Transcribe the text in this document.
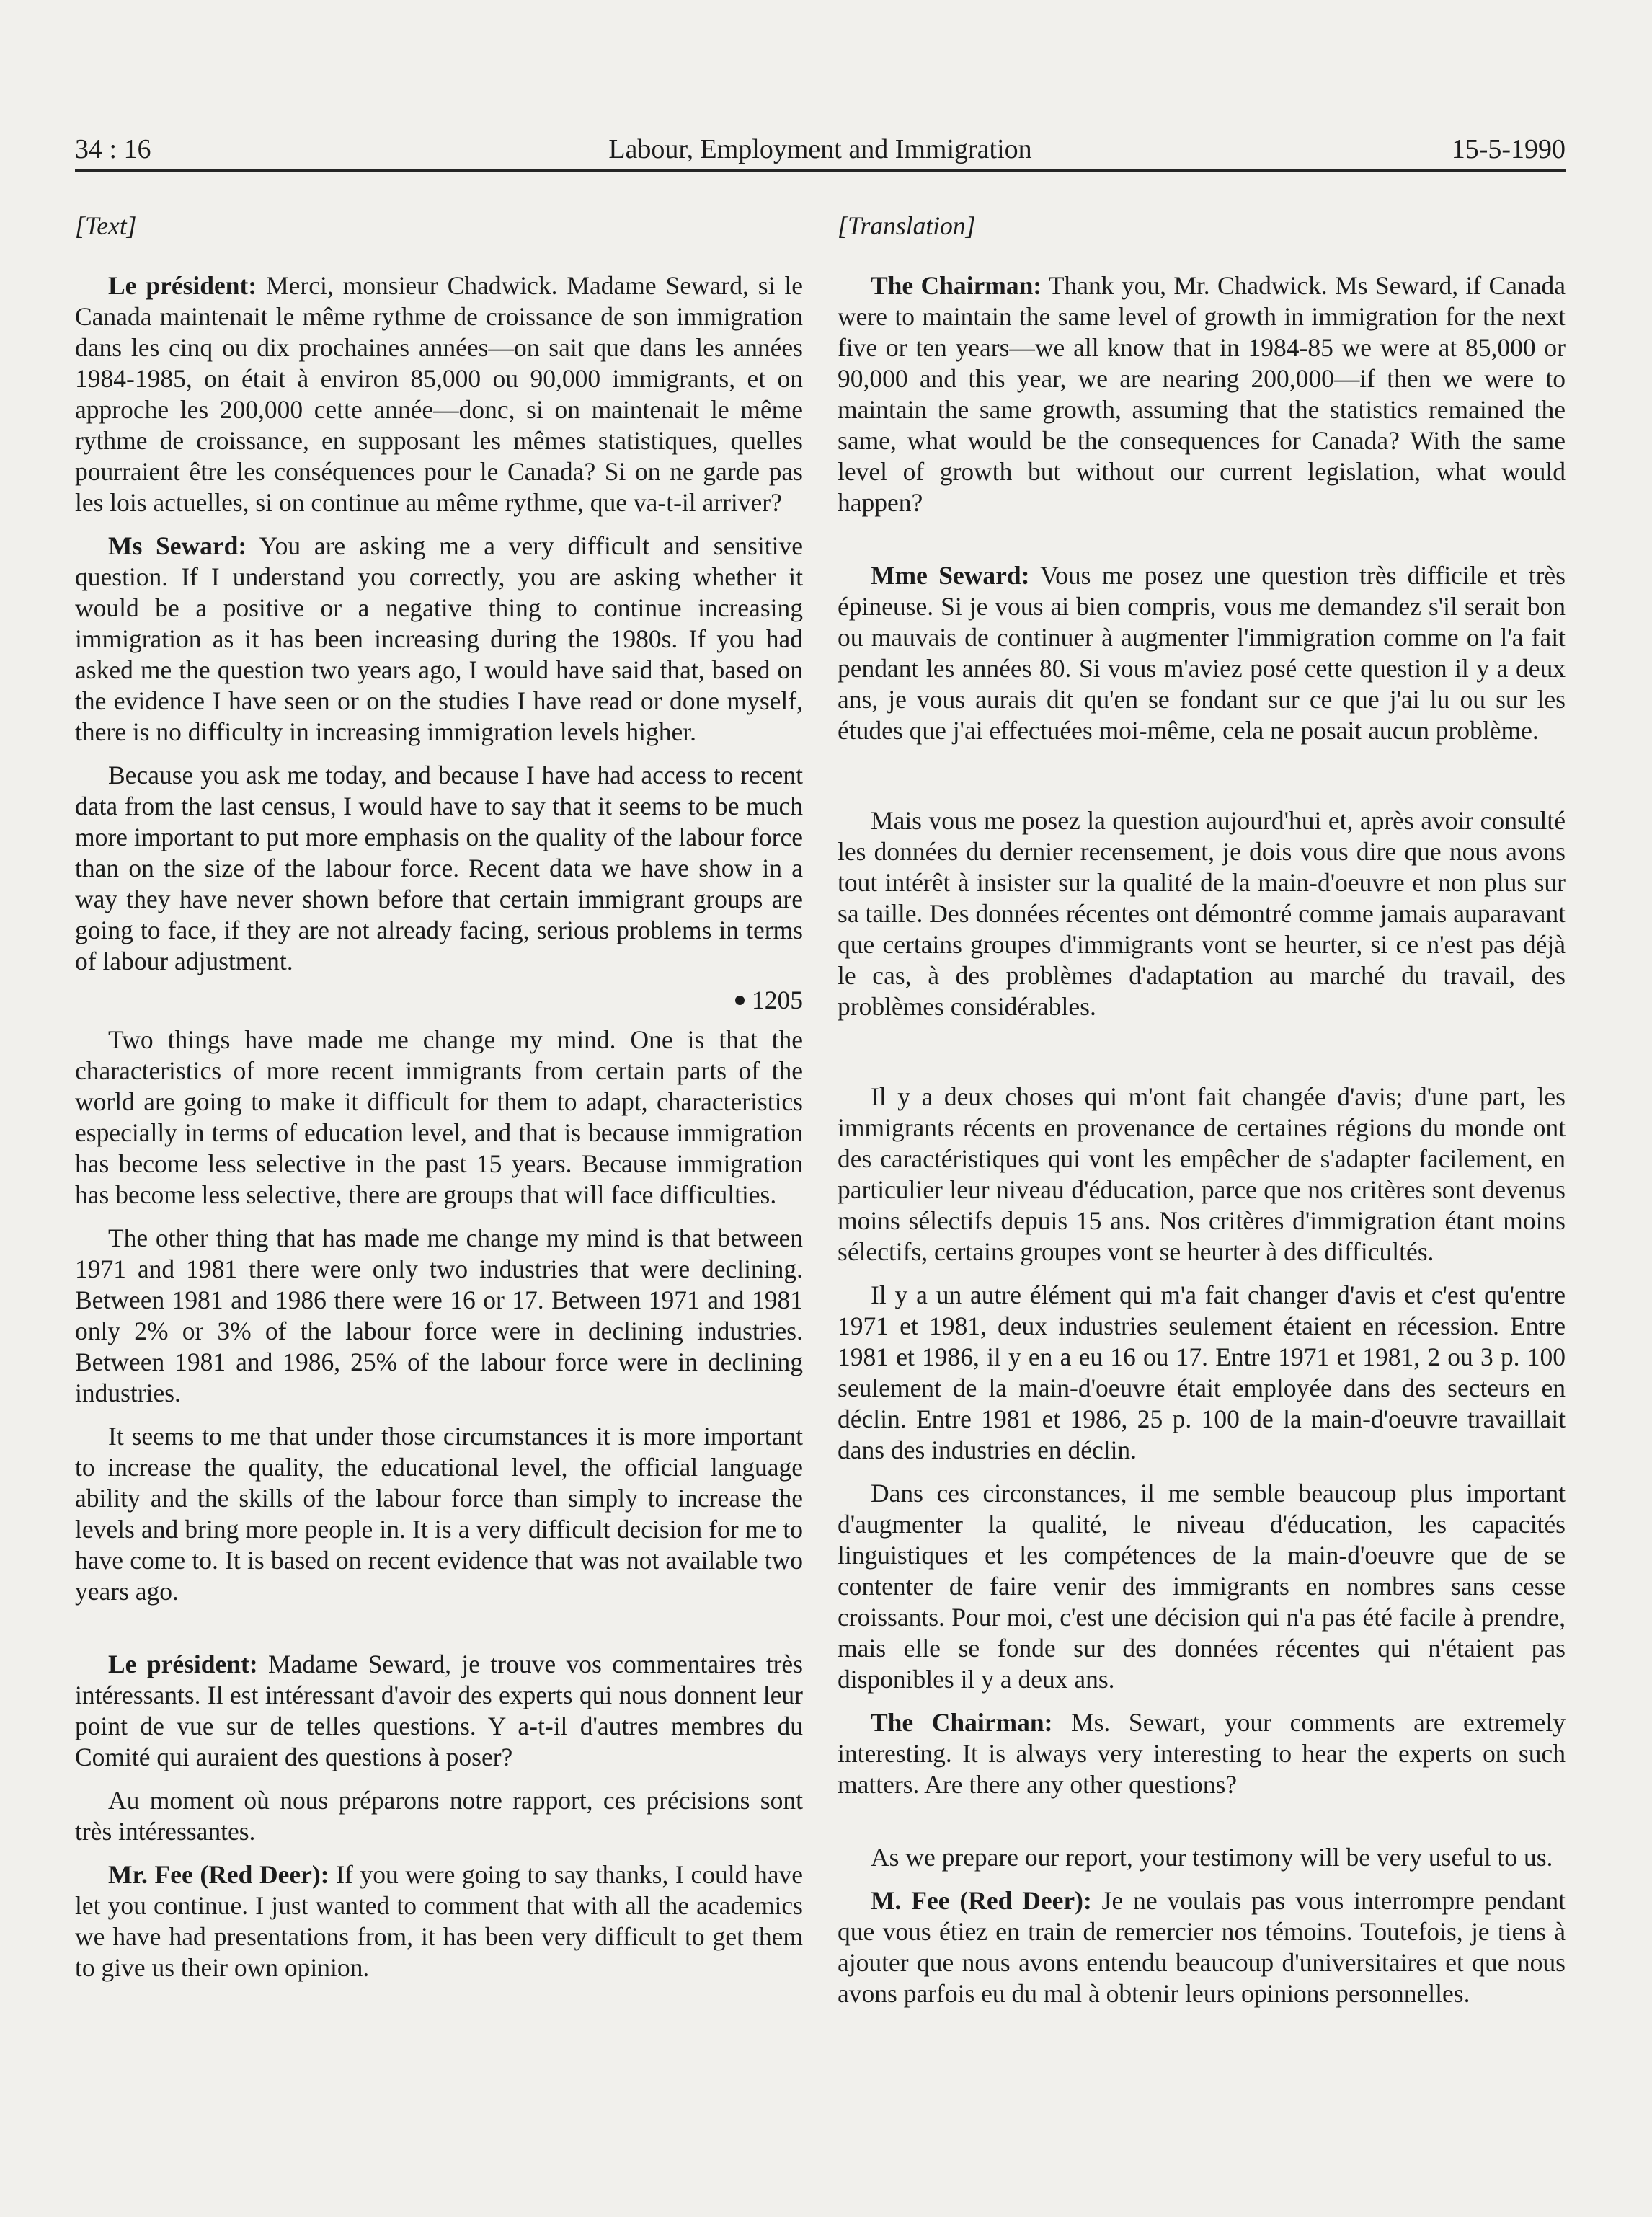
34 : 16	Labour, Employment and Immigration	15-5-1990

[Text]

Le président: Merci, monsieur Chadwick. Madame Seward, si le Canada maintenait le même rythme de croissance de son immigration dans les cinq ou dix prochaines années—on sait que dans les années 1984-1985, on était à environ 85,000 ou 90,000 immigrants, et on approche les 200,000 cette année—donc, si on maintenait le même rythme de croissance, en supposant les mêmes statistiques, quelles pourraient être les conséquences pour le Canada? Si on ne garde pas les lois actuelles, si on continue au même rythme, que va-t-il arriver?

Ms Seward: You are asking me a very difficult and sensitive question. If I understand you correctly, you are asking whether it would be a positive or a negative thing to continue increasing immigration as it has been increasing during the 1980s. If you had asked me the question two years ago, I would have said that, based on the evidence I have seen or on the studies I have read or done myself, there is no difficulty in increasing immigration levels higher.

Because you ask me today, and because I have had access to recent data from the last census, I would have to say that it seems to be much more important to put more emphasis on the quality of the labour force than on the size of the labour force. Recent data we have show in a way they have never shown before that certain immigrant groups are going to face, if they are not already facing, serious problems in terms of labour adjustment.

1205

Two things have made me change my mind. One is that the characteristics of more recent immigrants from certain parts of the world are going to make it difficult for them to adapt, characteristics especially in terms of education level, and that is because immigration has become less selective in the past 15 years. Because immigration has become less selective, there are groups that will face difficulties.

The other thing that has made me change my mind is that between 1971 and 1981 there were only two industries that were declining. Between 1981 and 1986 there were 16 or 17. Between 1971 and 1981 only 2% or 3% of the labour force were in declining industries. Between 1981 and 1986, 25% of the labour force were in declining industries.

It seems to me that under those circumstances it is more important to increase the quality, the educational level, the official language ability and the skills of the labour force than simply to increase the levels and bring more people in. It is a very difficult decision for me to have come to. It is based on recent evidence that was not available two years ago.

Le président: Madame Seward, je trouve vos commentaires très intéressants. Il est intéressant d'avoir des experts qui nous donnent leur point de vue sur de telles questions. Y a-t-il d'autres membres du Comité qui auraient des questions à poser?

Au moment où nous préparons notre rapport, ces précisions sont très intéressantes.

Mr. Fee (Red Deer): If you were going to say thanks, I could have let you continue. I just wanted to comment that with all the academics we have had presentations from, it has been very difficult to get them to give us their own opinion.

[Translation]

The Chairman: Thank you, Mr. Chadwick. Ms Seward, if Canada were to maintain the same level of growth in immigration for the next five or ten years—we all know that in 1984-85 we were at 85,000 or 90,000 and this year, we are nearing 200,000—if then we were to maintain the same growth, assuming that the statistics remained the same, what would be the consequences for Canada? With the same level of growth but without our current legislation, what would happen?

Mme Seward: Vous me posez une question très difficile et très épineuse. Si je vous ai bien compris, vous me demandez s'il serait bon ou mauvais de continuer à augmenter l'immigration comme on l'a fait pendant les années 80. Si vous m'aviez posé cette question il y a deux ans, je vous aurais dit qu'en se fondant sur ce que j'ai lu ou sur les études que j'ai effectuées moi-même, cela ne posait aucun problème.

Mais vous me posez la question aujourd'hui et, après avoir consulté les données du dernier recensement, je dois vous dire que nous avons tout intérêt à insister sur la qualité de la main-d'oeuvre et non plus sur sa taille. Des données récentes ont démontré comme jamais auparavant que certains groupes d'immigrants vont se heurter, si ce n'est pas déjà le cas, à des problèmes d'adaptation au marché du travail, des problèmes considérables.

Il y a deux choses qui m'ont fait changée d'avis; d'une part, les immigrants récents en provenance de certaines régions du monde ont des caractéristiques qui vont les empêcher de s'adapter facilement, en particulier leur niveau d'éducation, parce que nos critères sont devenus moins sélectifs depuis 15 ans. Nos critères d'immigration étant moins sélectifs, certains groupes vont se heurter à des difficultés.

Il y a un autre élément qui m'a fait changer d'avis et c'est qu'entre 1971 et 1981, deux industries seulement étaient en récession. Entre 1981 et 1986, il y en a eu 16 ou 17. Entre 1971 et 1981, 2 ou 3 p. 100 seulement de la main-d'oeuvre était employée dans des secteurs en déclin. Entre 1981 et 1986, 25 p. 100 de la main-d'oeuvre travaillait dans des industries en déclin.

Dans ces circonstances, il me semble beaucoup plus important d'augmenter la qualité, le niveau d'éducation, les capacités linguistiques et les compétences de la main-d'oeuvre que de se contenter de faire venir des immigrants en nombres sans cesse croissants. Pour moi, c'est une décision qui n'a pas été facile à prendre, mais elle se fonde sur des données récentes qui n'étaient pas disponibles il y a deux ans.

The Chairman: Ms. Sewart, your comments are extremely interesting. It is always very interesting to hear the experts on such matters. Are there any other questions?

As we prepare our report, your testimony will be very useful to us.

M. Fee (Red Deer): Je ne voulais pas vous interrompre pendant que vous étiez en train de remercier nos témoins. Toutefois, je tiens à ajouter que nous avons entendu beaucoup d'universitaires et que nous avons parfois eu du mal à obtenir leurs opinions personnelles.
